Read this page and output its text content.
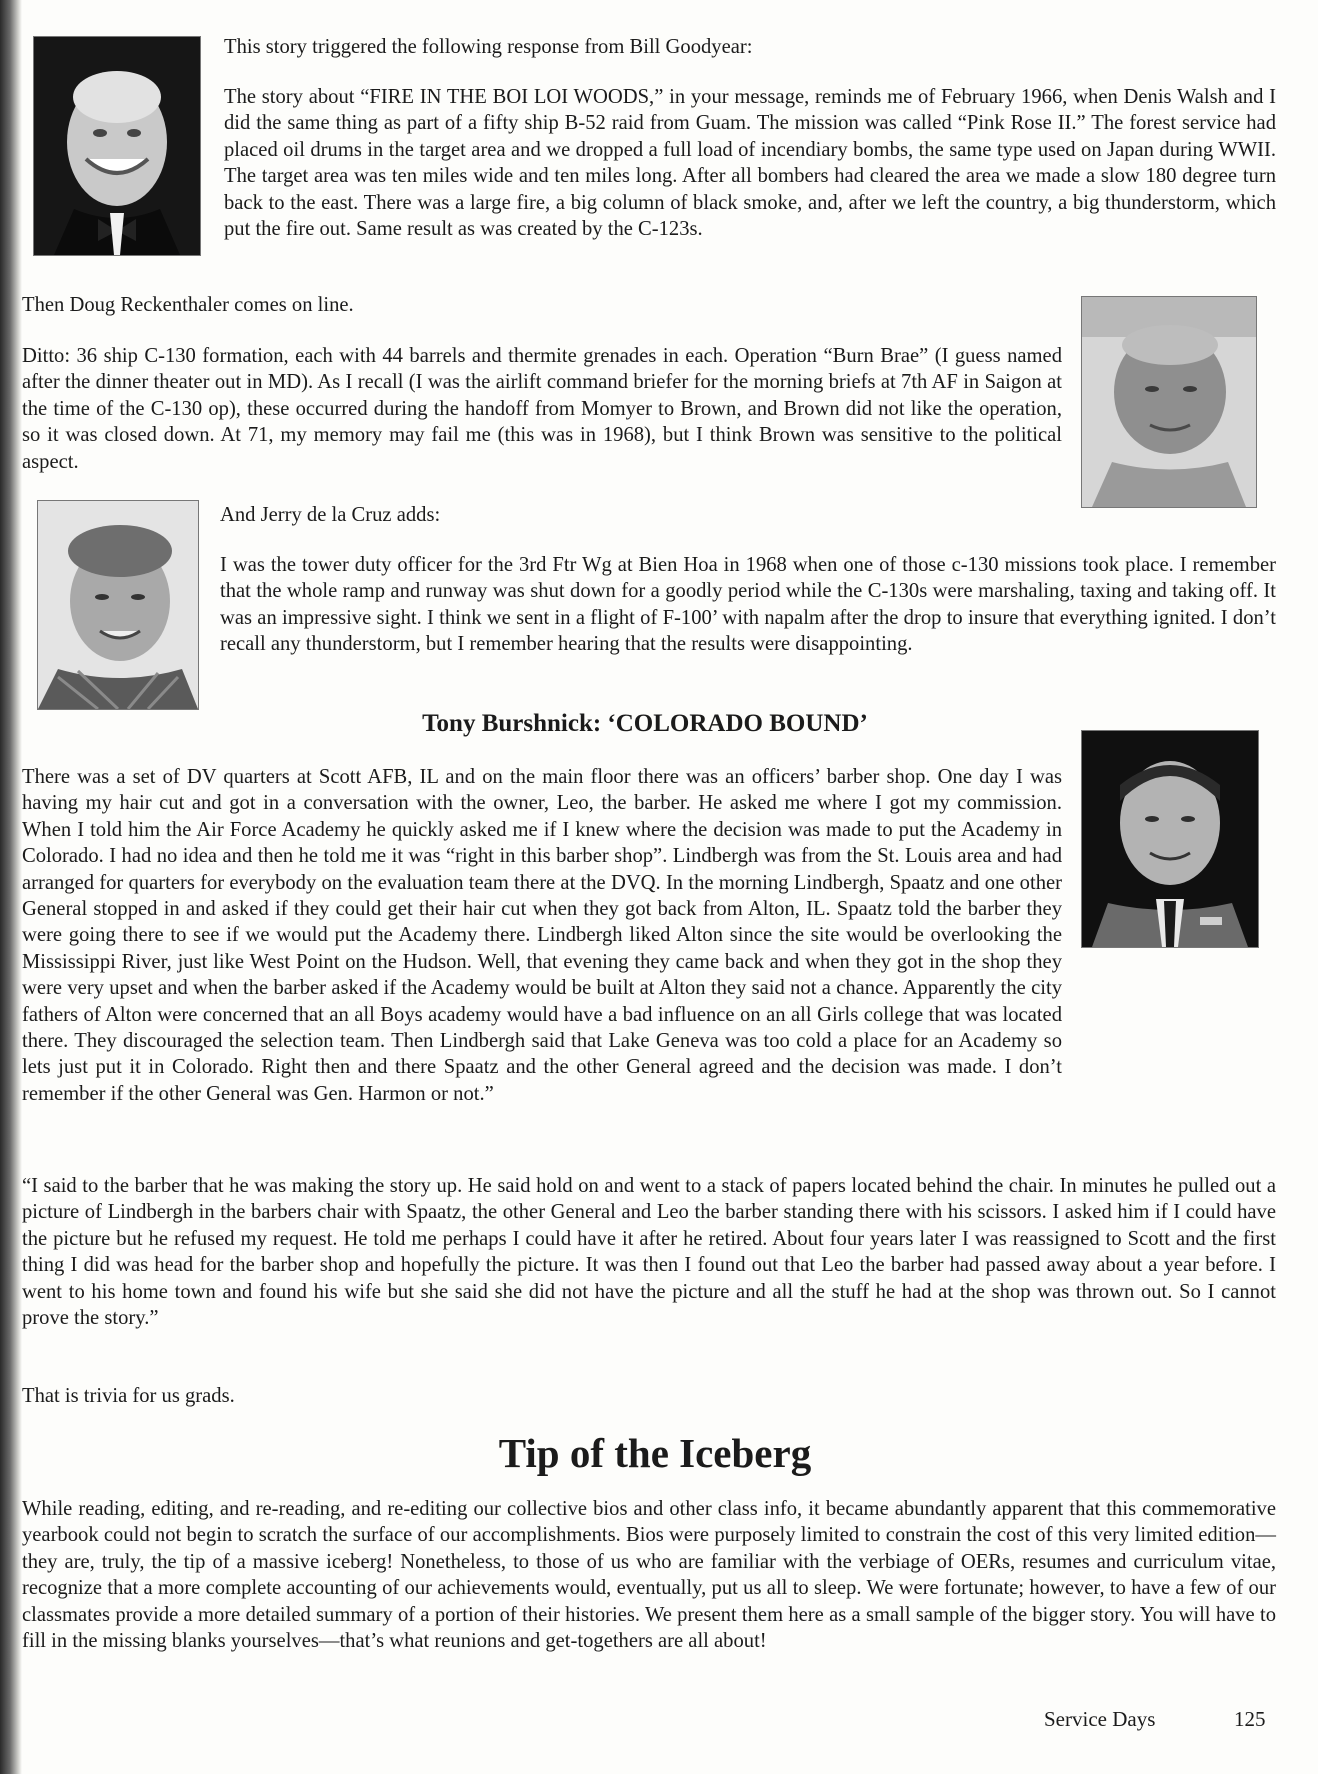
This story triggered the following response from Bill Goodyear:

The story about “FIRE IN THE BOI LOI WOODS,” in your message, reminds me of February 1966, when Denis Walsh and I did the same thing as part of a fifty ship B-52 raid from Guam. The mission was called “Pink Rose II.” The forest service had placed oil drums in the target area and we dropped a full load of incendiary bombs, the same type used on Japan during WWII. The target area was ten miles wide and ten miles long. After all bombers had cleared the area we made a slow 180 degree turn back to the east. There was a large fire, a big column of black smoke, and, after we left the country, a big thunderstorm, which put the fire out. Same result as was created by the C-123s.

Then Doug Reckenthaler comes on line.

Ditto: 36 ship C-130 formation, each with 44 barrels and thermite grenades in each. Operation “Burn Brae” (I guess named after the dinner theater out in MD). As I recall (I was the airlift command briefer for the morning briefs at 7th AF in Saigon at the time of the C-130 op), these occurred during the handoff from Momyer to Brown, and Brown did not like the operation, so it was closed down. At 71, my memory may fail me (this was in 1968), but I think Brown was sensitive to the political aspect.

And Jerry de la Cruz adds:

I was the tower duty officer for the 3rd Ftr Wg at Bien Hoa in 1968 when one of those c-130 missions took place. I remember that the whole ramp and runway was shut down for a goodly period while the C-130s were marshaling, taxing and taking off. It was an impressive sight. I think we sent in a flight of F-100’ with napalm after the drop to insure that everything ignited. I don’t recall any thunderstorm, but I remember hearing that the results were disappointing.

Tony Burshnick: ‘COLORADO BOUND’

There was a set of DV quarters at Scott AFB, IL and on the main floor there was an officers’ barber shop. One day I was having my hair cut and got in a conversation with the owner, Leo, the barber. He asked me where I got my commission. When I told him the Air Force Academy he quickly asked me if I knew where the decision was made to put the Academy in Colorado. I had no idea and then he told me it was “right in this barber shop”. Lindbergh was from the St. Louis area and had arranged for quarters for everybody on the evaluation team there at the DVQ. In the morning Lindbergh, Spaatz and one other General stopped in and asked if they could get their hair cut when they got back from Alton, IL. Spaatz told the barber they were going there to see if we would put the Academy there. Lindbergh liked Alton since the site would be overlooking the Mississippi River, just like West Point on the Hudson. Well, that evening they came back and when they got in the shop they were very upset and when the barber asked if the Academy would be built at Alton they said not a chance. Apparently the city fathers of Alton were concerned that an all Boys academy would have a bad influence on an all Girls college that was located there. They discouraged the selection team. Then Lindbergh said that Lake Geneva was too cold a place for an Academy so lets just put it in Colorado. Right then and there Spaatz and the other General agreed and the decision was made. I don’t remember if the other General was Gen. Harmon or not.”

“I said to the barber that he was making the story up. He said hold on and went to a stack of papers located behind the chair. In minutes he pulled out a picture of Lindbergh in the barbers chair with Spaatz, the other General and Leo the barber standing there with his scissors. I asked him if I could have the picture but he refused my request. He told me perhaps I could have it after he retired. About four years later I was reassigned to Scott and the first thing I did was head for the barber shop and hopefully the picture. It was then I found out that Leo the barber had passed away about a year before. I went to his home town and found his wife but she said she did not have the picture and all the stuff he had at the shop was thrown out. So I cannot prove the story.”

That is trivia for us grads.

Tip of the Iceberg

While reading, editing, and re-reading, and re-editing our collective bios and other class info, it became abundantly apparent that this commemorative yearbook could not begin to scratch the surface of our accomplishments. Bios were purposely limited to constrain the cost of this very limited edition—they are, truly, the tip of a massive iceberg! Nonetheless, to those of us who are familiar with the verbiage of OERs, resumes and curriculum vitae, recognize that a more complete accounting of our achievements would, eventually, put us all to sleep. We were fortunate; however, to have a few of our classmates provide a more detailed summary of a portion of their histories. We present them here as a small sample of the bigger story. You will have to fill in the missing blanks yourselves—that’s what reunions and get-togethers are all about!

Service Days	125
